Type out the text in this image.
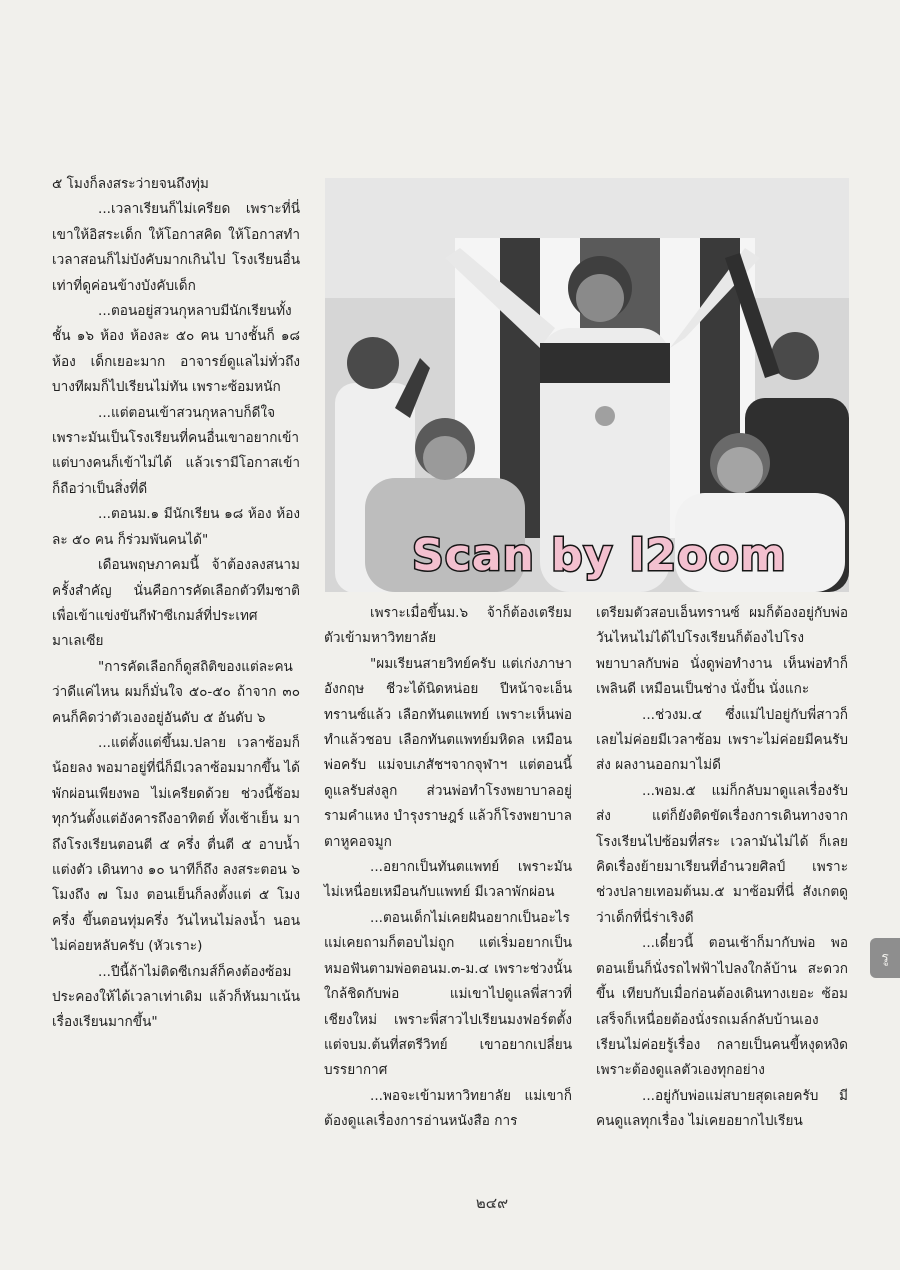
๕ โมงก็ลงสระว่ายจนถึงทุ่ม

...เวลาเรียนก็ไม่เครียด เพราะที่นี่เขาให้อิสระเด็ก ให้โอกาสคิด ให้โอกาสทำ เวลาสอนก็ไม่บังคับมากเกินไป โรงเรียนอื่นเท่าที่ดูค่อนข้างบังคับเด็ก

...ตอนอยู่สวนกุหลาบมีนักเรียนทั้งชั้น ๑๖ ห้อง ห้องละ ๕๐ คน บางชั้นก็ ๑๘ ห้อง เด็กเยอะมาก อาจารย์ดูแลไม่ทั่วถึง บางทีผมก็ไปเรียนไม่ทัน เพราะซ้อมหนัก

...แต่ตอนเข้าสวนกุหลาบก็ดีใจเพราะมันเป็นโรงเรียนที่คนอื่นเขาอยากเข้า แต่บางคนก็เข้าไม่ได้ แล้วเรามีโอกาสเข้า ก็ถือว่าเป็นสิ่งที่ดี

...ตอนม.๑ มีนักเรียน ๑๘ ห้อง ห้องละ ๕๐ คน ก็ร่วมพันคนได้"

เดือนพฤษภาคมนี้ จ้าต้องลงสนามครั้งสำคัญ นั่นคือการคัดเลือกตัวทีมชาติเพื่อเข้าแข่งขันกีฬาซีเกมส์ที่ประเทศมาเลเซีย

"การคัดเลือกก็ดูสถิติของแต่ละคนว่าดีแค่ไหน ผมก็มั่นใจ ๕๐-๕๐ ถ้าจาก ๓๐ คนก็คิดว่าตัวเองอยู่อันดับ ๕ อันดับ ๖

...แต่ตั้งแต่ขึ้นม.ปลาย เวลาซ้อมก็น้อยลง พอมาอยู่ที่นี่ก็มีเวลาซ้อมมากขึ้น ได้พักผ่อนเพียงพอ ไม่เครียดด้วย ช่วงนี้ซ้อมทุกวันตั้งแต่อังคารถึงอาทิตย์ ทั้งเช้าเย็น มาถึงโรงเรียนตอนตี ๕ ครึ่ง ตื่นตี ๕ อาบน้ำแต่งตัว เดินทาง ๑๐ นาทีก็ถึง ลงสระตอน ๖ โมงถึง ๗ โมง ตอนเย็นก็ลงตั้งแต่ ๕ โมงครึ่ง ขึ้นตอนทุ่มครึ่ง วันไหนไม่ลงน้ำ นอนไม่ค่อยหลับครับ (หัวเราะ)

...ปีนี้ถ้าไม่ติดซีเกมส์ก็คงต้องซ้อมประคองให้ได้เวลาเท่าเดิม แล้วก็หันมาเน้นเรื่องเรียนมากขึ้น"

Scan by l2oom

เพราะเมื่อขึ้นม.๖ จ้าก็ต้องเตรียมตัวเข้ามหาวิทยาลัย

"ผมเรียนสายวิทย์ครับ แต่เก่งภาษาอังกฤษ ชีวะได้นิดหน่อย ปีหน้าจะเอ็นทรานซ์แล้ว เลือกทันตแพทย์ เพราะเห็นพ่อทำแล้วชอบ เลือกทันตแพทย์มหิดล เหมือนพ่อครับ แม่จบเภสัชฯจากจุฬาฯ แต่ตอนนี้ดูแลรับส่งลูก ส่วนพ่อทำโรงพยาบาลอยู่รามคำแหง บำรุงราษฎร์ แล้วก็โรงพยาบาลตาหูคอจมูก

...อยากเป็นทันตแพทย์ เพราะมันไม่เหนื่อยเหมือนกับแพทย์ มีเวลาพักผ่อน

...ตอนเด็กไม่เคยฝันอยากเป็นอะไร แม่เคยถามก็ตอบไม่ถูก แต่เริ่มอยากเป็นหมอฟันตามพ่อตอนม.๓-ม.๔ เพราะช่วงนั้นใกล้ชิดกับพ่อ แม่เขาไปดูแลพี่สาวที่เชียงใหม่ เพราะพี่สาวไปเรียนมงฟอร์ตตั้งแต่จบม.ต้นที่สตรีวิทย์ เขาอยากเปลี่ยนบรรยากาศ

...พอจะเข้ามหาวิทยาลัย แม่เขาก็ต้องดูแลเรื่องการอ่านหนังสือ การ

เตรียมตัวสอบเอ็นทรานซ์ ผมก็ต้องอยู่กับพ่อ วันไหนไม่ได้ไปโรงเรียนก็ต้องไปโรงพยาบาลกับพ่อ นั่งดูพ่อทำงาน เห็นพ่อทำก็เพลินดี เหมือนเป็นช่าง นั่งปั้น นั่งแกะ

...ช่วงม.๔ ซึ่งแม่ไปอยู่กับพี่สาวก็เลยไม่ค่อยมีเวลาซ้อม เพราะไม่ค่อยมีคนรับส่ง ผลงานออกมาไม่ดี

...พอม.๕ แม่ก็กลับมาดูแลเรื่องรับส่ง แต่ก็ยังติดขัดเรื่องการเดินทางจากโรงเรียนไปซ้อมที่สระ เวลามันไม่ได้ ก็เลยคิดเรื่องย้ายมาเรียนที่อำนวยศิลป์ เพราะช่วงปลายเทอมต้นม.๕ มาซ้อมที่นี่ สังเกตดูว่าเด็กที่นี่ร่าเริงดี

...เดี๋ยวนี้ ตอนเช้าก็มากับพ่อ พอตอนเย็นก็นั่งรถไฟฟ้าไปลงใกล้บ้าน สะดวกขึ้น เทียบกับเมื่อก่อนต้องเดินทางเยอะ ซ้อมเสร็จก็เหนื่อยต้องนั่งรถเมล์กลับบ้านเอง เรียนไม่ค่อยรู้เรื่อง กลายเป็นคนขี้หงุดหงิด เพราะต้องดูแลตัวเองทุกอย่าง

...อยู่กับพ่อแม่สบายสุดเลยครับ มีคนดูแลทุกเรื่อง ไม่เคยอยากไปเรียน

๒๔๙
รู
